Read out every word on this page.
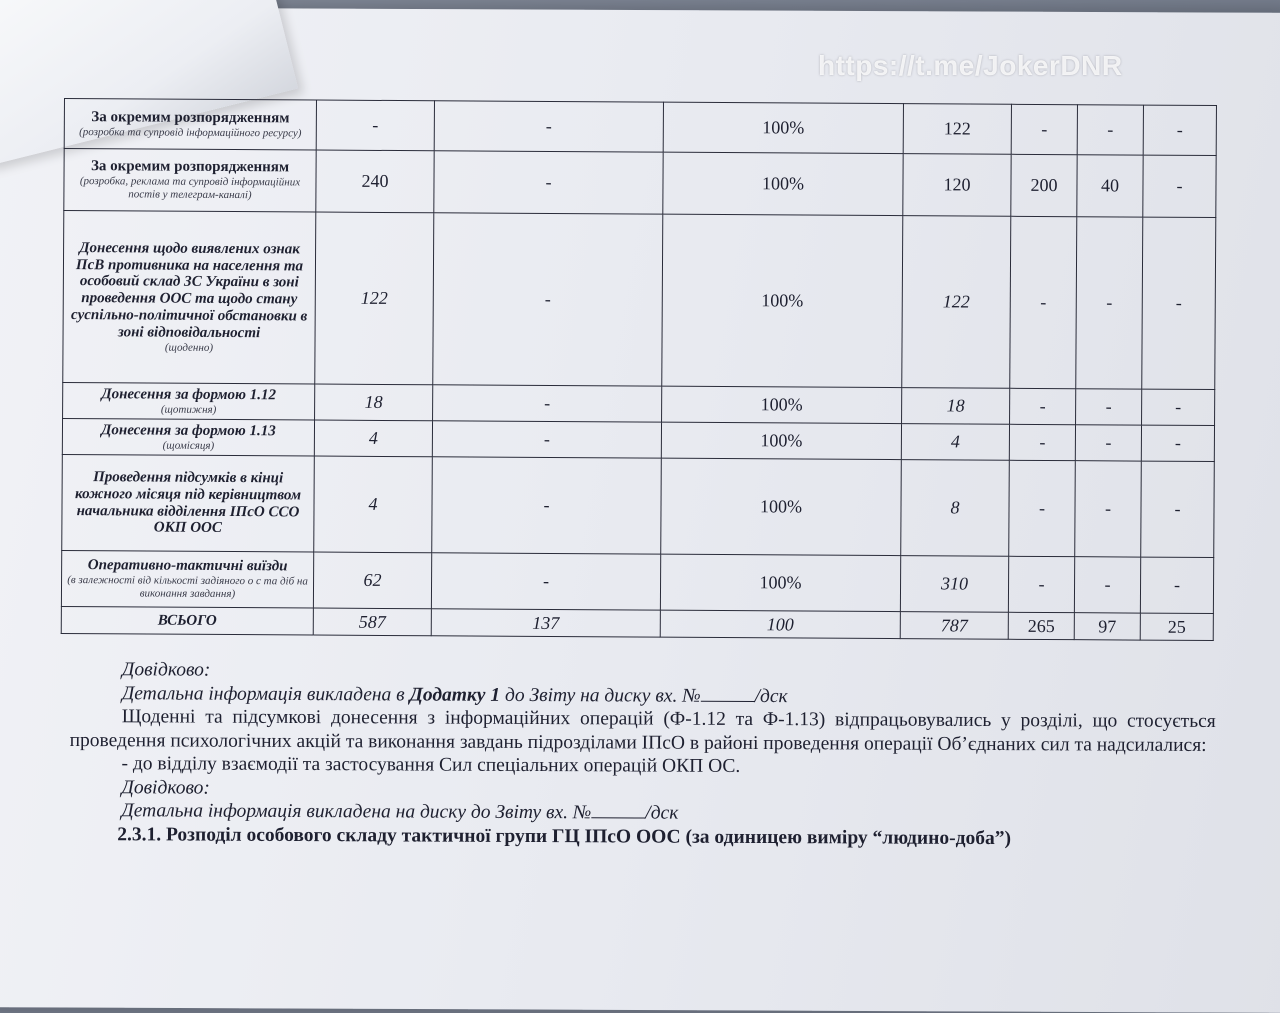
За окремим розпорядженням
(розробка та супровід інформаційного ресурсу)	-	-	100%	122	-	-	-

За окремим розпорядженням
(розробка, реклама та супровід інформаційних постів у телеграм-каналі)	240	-	100%	120	200	40	-

Донесення щодо виявлених ознак ПсВ противника на населення та особовий склад ЗС України в зоні проведення ООС та щодо стану суспільно-політичної обстановки в зоні відповідальності
(щоденно)	122	-	100%	122	-	-	-

Донесення за формою 1.12
(щотижня)	18	-	100%	18	-	-	-

Донесення за формою 1.13
(щомісяця)	4	-	100%	4	-	-	-

Проведення підсумків в кінці кожного місяця під керівництвом начальника відділення ІПсО ССО ОКП ООС	4	-	100%	8	-	-	-

Оперативно-тактичні виїзди
(в залежності від кількості задіяного о с та діб на виконання завдання)	62	-	100%	310	-	-	-
ВСЬОГО	587	137	100	787	265	97	25
https://t.me/JokerDNR

Довідково:

Детальна інформація викладена в Додатку 1 до Звіту на диску вх. №	/дск

Щоденні та підсумкові донесення з інформаційних операцій (Ф-1.12 та Ф-1.13) відпрацьовувались у розділі, що стосується проведення психологічних акцій та виконання завдань підрозділами ІПсО в районі проведення операції Об’єднаних сил та надсилалися:

- до відділу взаємодії та застосування Сил спеціальних операцій ОКП ОС.

Довідково:

Детальна інформація викладена на диску до Звіту вх. №	/дск

2.3.1. Розподіл особового складу тактичної групи ГЦ ІПсО ООС (за одиницею виміру “людино-доба”)
